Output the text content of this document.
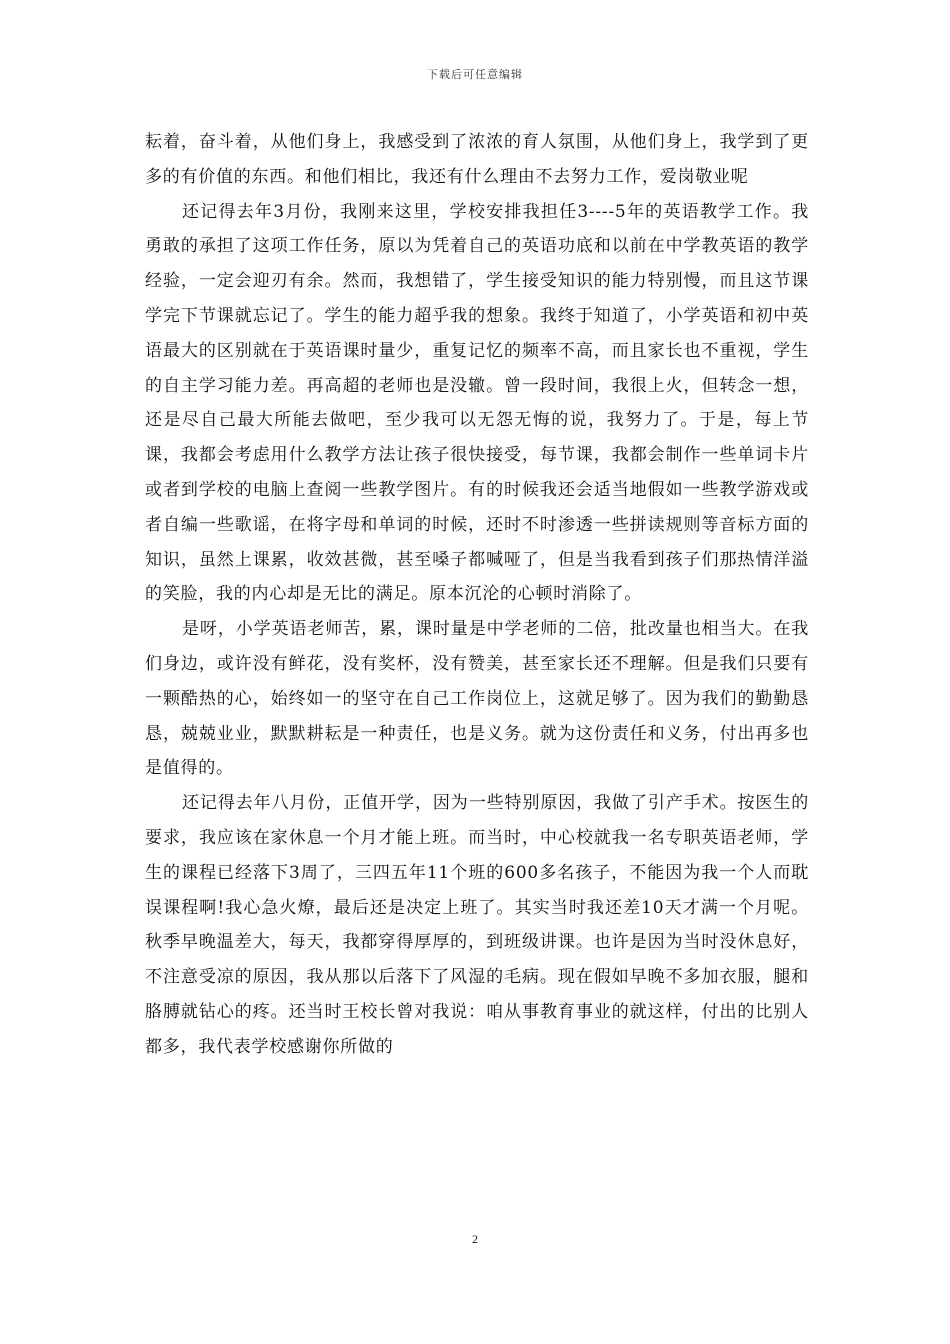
下载后可任意编辑

耘着，奋斗着，从他们身上，我感受到了浓浓的育人氛围，从他们身上，我学到了更多的有价值的东西。和他们相比，我还有什么理由不去努力工作，爱岗敬业呢

还记得去年3月份，我刚来这里，学校安排我担任3----5年的英语教学工作。我勇敢的承担了这项工作任务，原以为凭着自己的英语功底和以前在中学教英语的教学经验，一定会迎刃有余。然而，我想错了，学生接受知识的能力特别慢，而且这节课学完下节课就忘记了。学生的能力超乎我的想象。我终于知道了，小学英语和初中英语最大的区别就在于英语课时量少，重复记忆的频率不高，而且家长也不重视，学生的自主学习能力差。再高超的老师也是没辙。曾一段时间，我很上火，但转念一想，还是尽自己最大所能去做吧，至少我可以无怨无悔的说，我努力了。于是，每上节课，我都会考虑用什么教学方法让孩子很快接受，每节课，我都会制作一些单词卡片或者到学校的电脑上查阅一些教学图片。有的时候我还会适当地假如一些教学游戏或者自编一些歌谣，在将字母和单词的时候，还时不时渗透一些拼读规则等音标方面的知识，虽然上课累，收效甚微，甚至嗓子都喊哑了，但是当我看到孩子们那热情洋溢的笑脸，我的内心却是无比的满足。原本沉沦的心顿时消除了。

是呀，小学英语老师苦，累，课时量是中学老师的二倍，批改量也相当大。在我们身边，或许没有鲜花，没有奖杯，没有赞美，甚至家长还不理解。但是我们只要有一颗酷热的心，始终如一的坚守在自己工作岗位上，这就足够了。因为我们的勤勤恳恳，兢兢业业，默默耕耘是一种责任，也是义务。就为这份责任和义务，付出再多也是值得的。

还记得去年八月份，正值开学，因为一些特别原因，我做了引产手术。按医生的要求，我应该在家休息一个月才能上班。而当时，中心校就我一名专职英语老师，学生的课程已经落下3周了，三四五年11个班的600多名孩子，不能因为我一个人而耽误课程啊!我心急火燎，最后还是决定上班了。其实当时我还差10天才满一个月呢。秋季早晚温差大，每天，我都穿得厚厚的，到班级讲课。也许是因为当时没休息好，不注意受凉的原因，我从那以后落下了风湿的毛病。现在假如早晚不多加衣服，腿和胳膊就钻心的疼。还当时王校长曾对我说：咱从事教育事业的就这样，付出的比别人都多，我代表学校感谢你所做的

2
